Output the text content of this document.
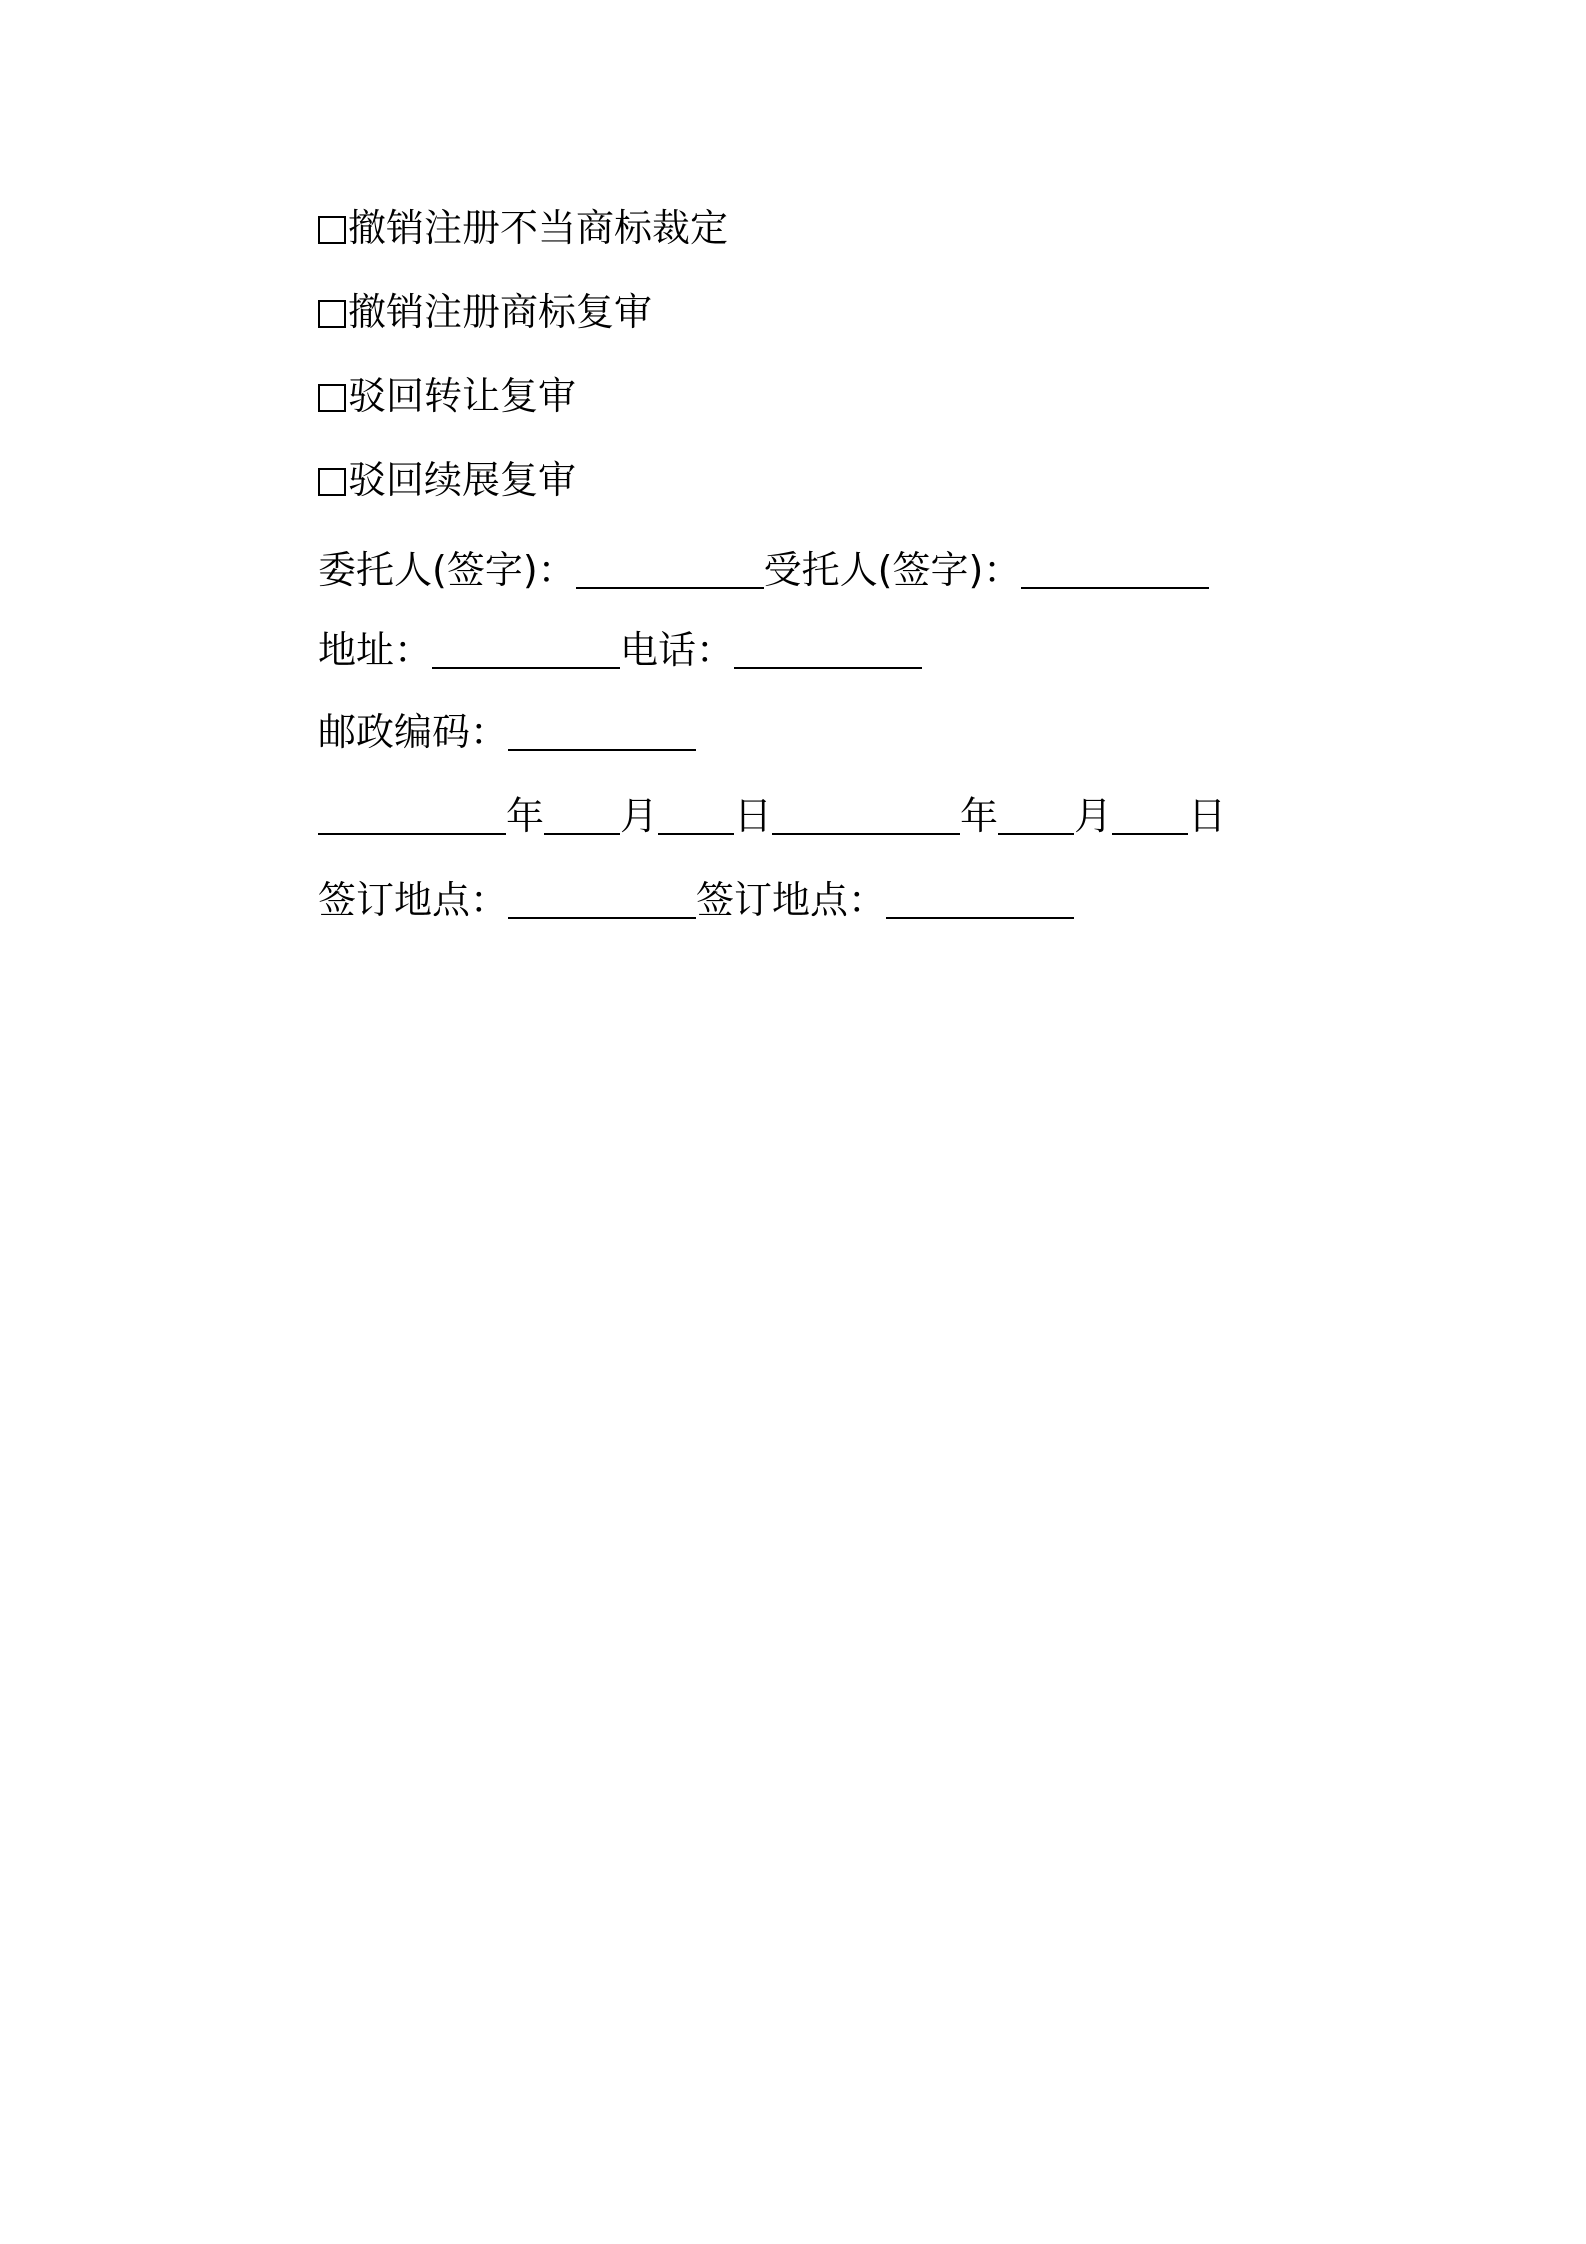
撤销注册不当商标裁定
撤销注册商标复审
驳回转让复审
驳回续展复审
委托人(签字)：	受托人(签字)：
地址：	电话：
邮政编码：
年 月 日	年 月 日
签订地点：	签订地点：
